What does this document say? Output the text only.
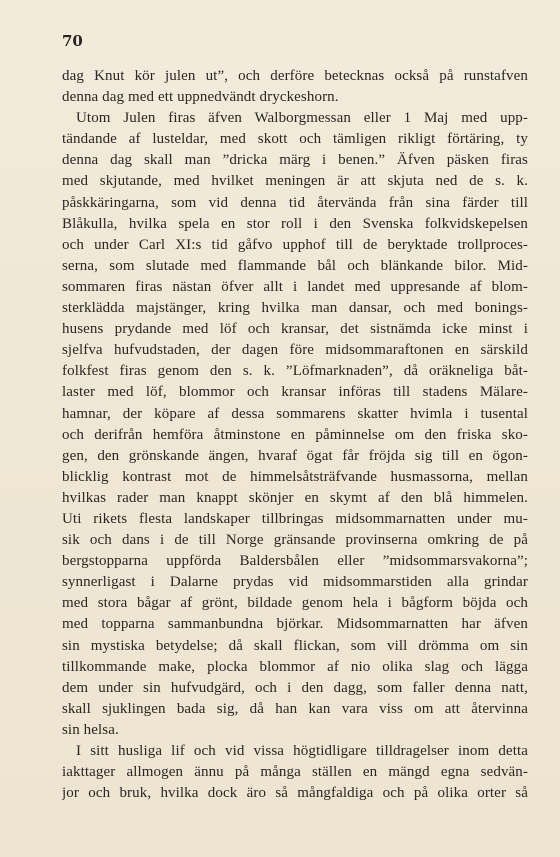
70
dag Knut kör julen ut”, och derföre betecknas också på runstafven
denna dag med ett uppnedvändt dryckeshorn.
Utom Julen firas äfven Walborgmessan eller 1 Maj med upp-
tändande af lusteldar, med skott och tämligen rikligt förtäring, ty
denna dag skall man ”dricka märg i benen.” Äfven päsken firas
med skjutande, med hvilket meningen är att skjuta ned de s. k.
påskkäringarna, som vid denna tid återvända från sina färder till
Blåkulla, hvilka spela en stor roll i den Svenska folkvidskepelsen
och under Carl XI:s tid gåfvo upphof till de beryktade trollproces-
serna, som slutade med flammande bål och blänkande bilor. Mid-
sommaren firas nästan öfver allt i landet med uppresande af blom-
sterklädda majstänger, kring hvilka man dansar, och med bonings-
husens prydande med löf och kransar, det sistnämda icke minst i
sjelfva hufvudstaden, der dagen före midsommaraftonen en särskild
folkfest firas genom den s. k. ”Löfmarknaden”, då oräkneliga båt-
laster med löf, blommor och kransar införas till stadens Mälare-
hamnar, der köpare af dessa sommarens skatter hvimla i tusental
och derifrån hemföra åtminstone en påminnelse om den friska sko-
gen, den grönskande ängen, hvaraf ögat får fröjda sig till en ögon-
blicklig kontrast mot de himmelsåtsträfvande husmassorna, mellan
hvilkas rader man knappt skönjer en skymt af den blå himmelen.
Uti rikets flesta landskaper tillbringas midsommarnatten under mu-
sik och dans i de till Norge gränsande provinserna omkring de på
bergstopparna uppförda Baldersbålen eller ”midsommarsvakorna”;
synnerligast i Dalarne prydas vid midsommarstiden alla grindar
med stora bågar af grönt, bildade genom hela i bågform böjda och
med topparna sammanbundna björkar. Midsommarnatten har äfven
sin mystiska betydelse; då skall flickan, som vill drömma om sin
tillkommande make, plocka blommor af nio olika slag och lägga
dem under sin hufvudgärd, och i den dagg, som faller denna natt,
skall sjuklingen bada sig, då han kan vara viss om att återvinna
sin helsa.
I sitt husliga lif och vid vissa högtidligare tilldragelser inom detta
iakttager allmogen ännu på många ställen en mängd egna sedvän-
jor och bruk, hvilka dock äro så mångfaldiga och på olika orter så
